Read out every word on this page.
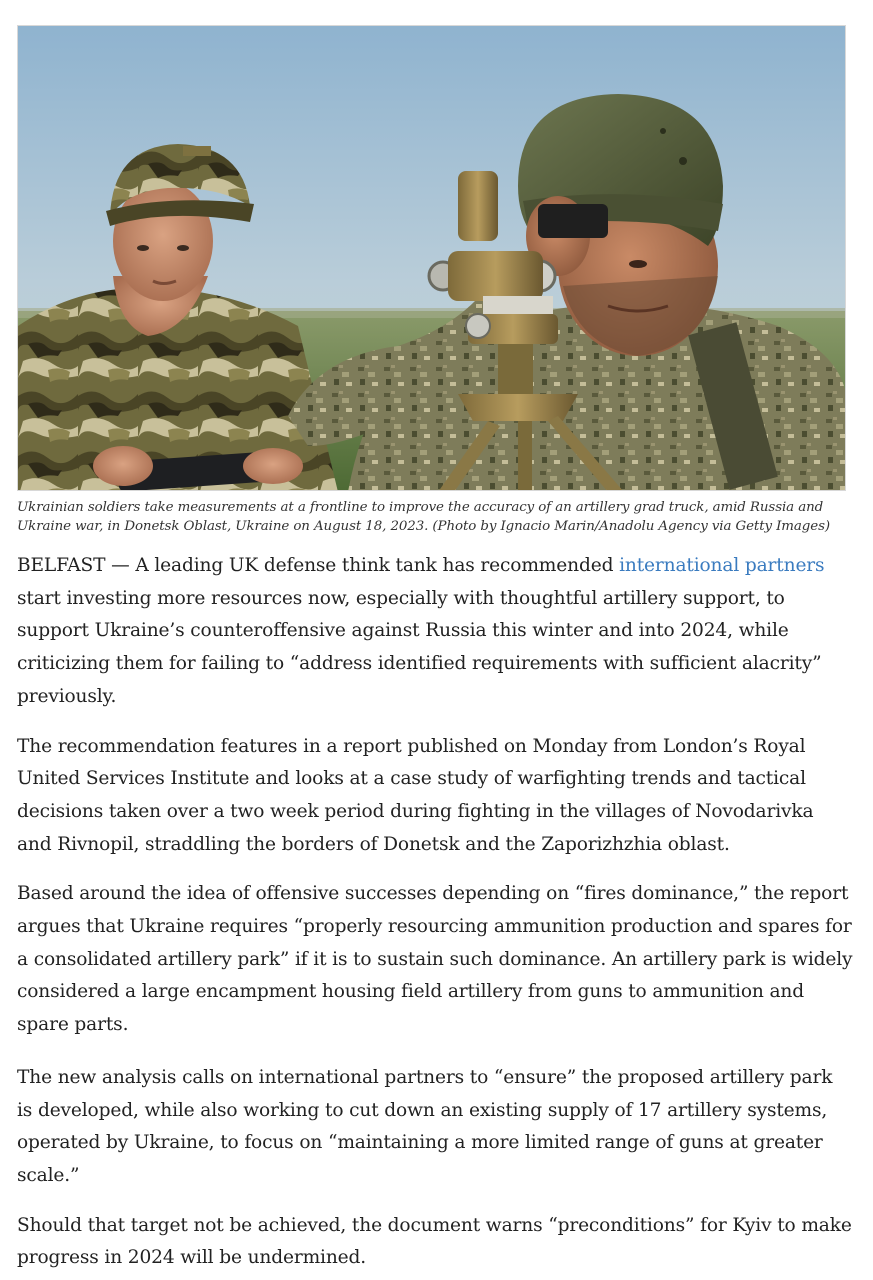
Ukrainian soldiers take measurements at a frontline to improve the accuracy of an artillery grad truck, amid Russia and Ukraine war, in Donetsk Oblast, Ukraine on August 18, 2023. (Photo by Ignacio Marin/Anadolu Agency via Getty Images)

BELFAST — A leading UK defense think tank has recommended international partners start investing more resources now, especially with thoughtful artillery support, to support Ukraine’s counteroffensive against Russia this winter and into 2024, while criticizing them for failing to “address identified requirements with sufficient alacrity” previously.

The recommendation features in a report published on Monday from London’s Royal United Services Institute and looks at a case study of warfighting trends and tactical decisions taken over a two week period during fighting in the villages of Novodarivka and Rivnopil, straddling the borders of Donetsk and the Zaporizhzhia oblast.

Based around the idea of offensive successes depending on “fires dominance,” the report argues that Ukraine requires “properly resourcing ammunition production and spares for a consolidated artillery park” if it is to sustain such dominance. An artillery park is widely considered a large encampment housing field artillery from guns to ammunition and spare parts.

The new analysis calls on international partners to “ensure” the proposed artillery park is developed, while also working to cut down an existing supply of 17 artillery systems, operated by Ukraine, to focus on “maintaining a more limited range of guns at greater scale.”

Should that target not be achieved, the document warns “preconditions” for Kyiv to make progress in 2024 will be undermined.
